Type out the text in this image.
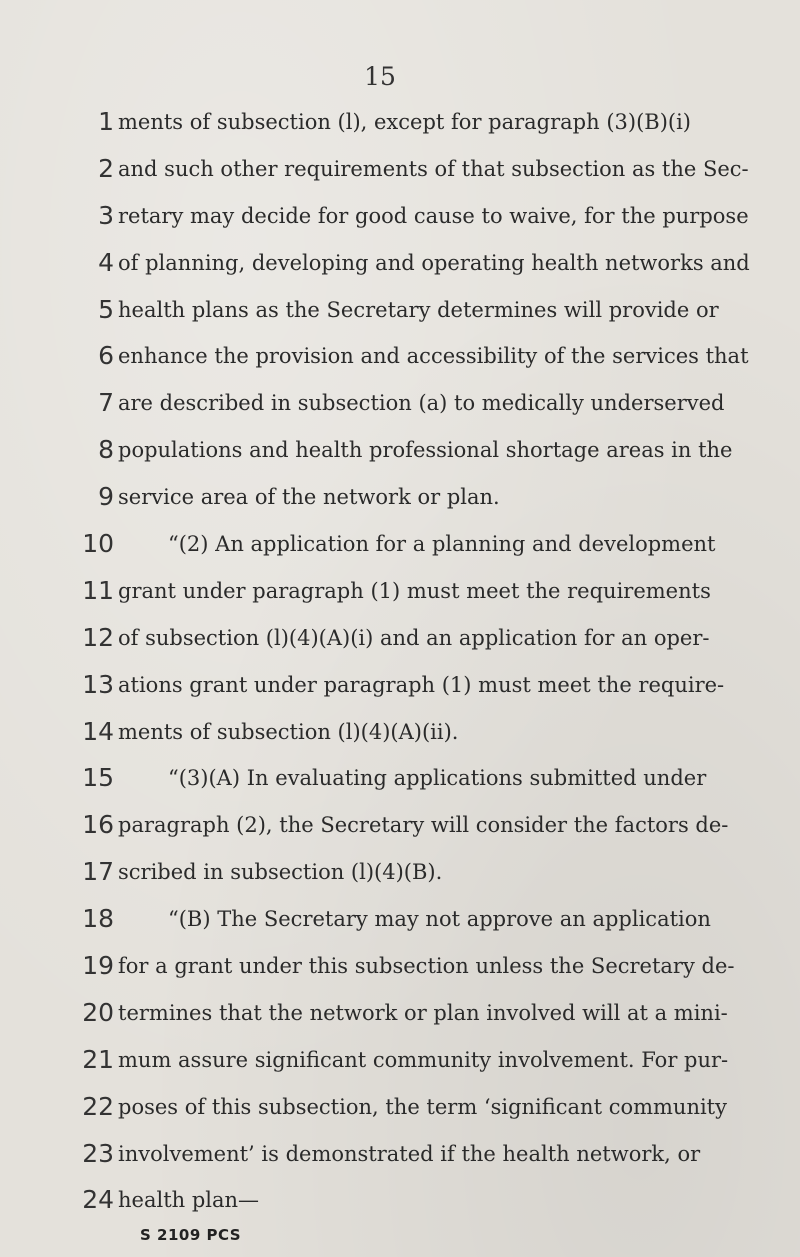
15
1 ments of subsection (l), except for paragraph (3)(B)(i)
2 and such other requirements of that subsection as the Sec-
3 retary may decide for good cause to waive, for the purpose
4 of planning, developing and operating health networks and
5 health plans as the Secretary determines will provide or
6 enhance the provision and accessibility of the services that
7 are described in subsection (a) to medically underserved
8 populations and health professional shortage areas in the
9 service area of the network or plan.
10	“(2) An application for a planning and development
11 grant under paragraph (1) must meet the requirements
12 of subsection (l)(4)(A)(i) and an application for an oper-
13 ations grant under paragraph (1) must meet the require-
14 ments of subsection (l)(4)(A)(ii).
15	“(3)(A) In evaluating applications submitted under
16 paragraph (2), the Secretary will consider the factors de-
17 scribed in subsection (l)(4)(B).
18	“(B) The Secretary may not approve an application
19 for a grant under this subsection unless the Secretary de-
20 termines that the network or plan involved will at a mini-
21 mum assure significant community involvement. For pur-
22 poses of this subsection, the term ‘significant community
23 involvement’ is demonstrated if the health network, or
24 health plan—
S 2109 PCS
